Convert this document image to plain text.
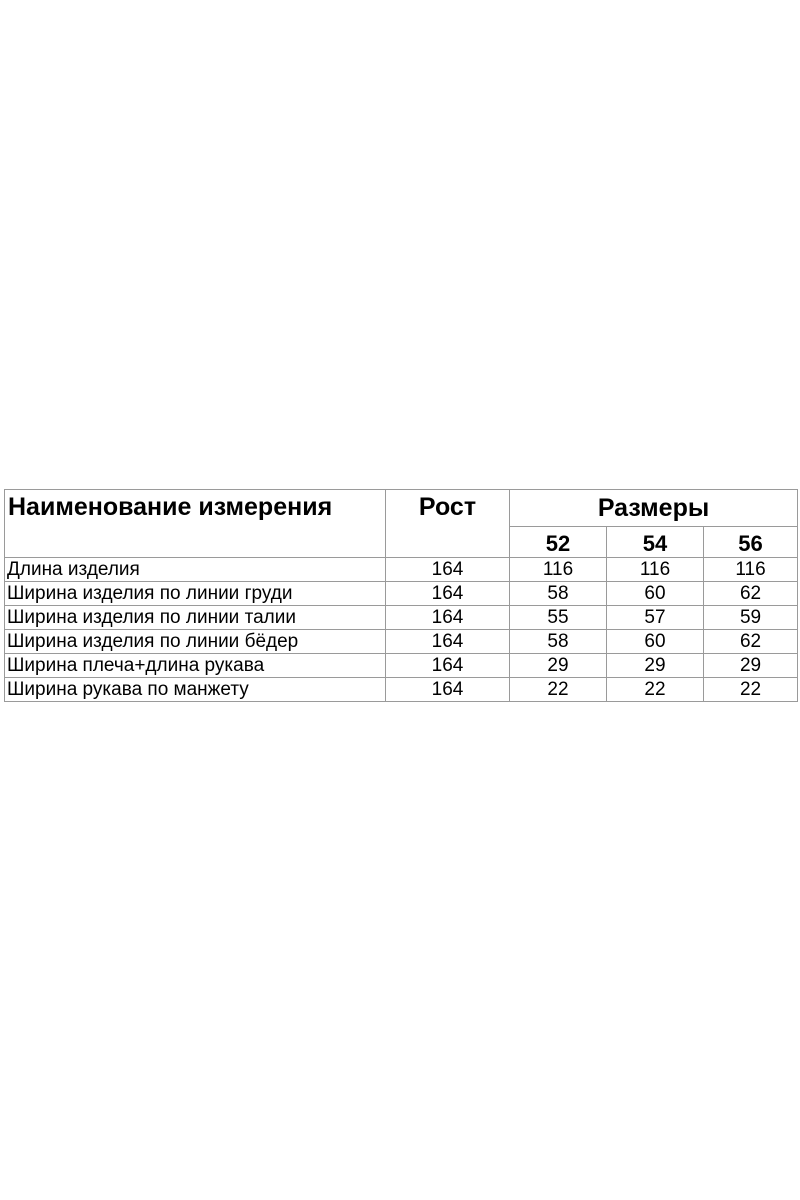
Наименование измерения	Рост	Размеры		
		52	54	56
Длина изделия	164	116	116	116
Ширина изделия по линии груди	164	58	60	62
Ширина изделия по линии талии	164	55	57	59
Ширина изделия по линии бёдер	164	58	60	62
Ширина плеча+длина рукава	164	29	29	29
Ширина рукава по манжету	164	22	22	22
